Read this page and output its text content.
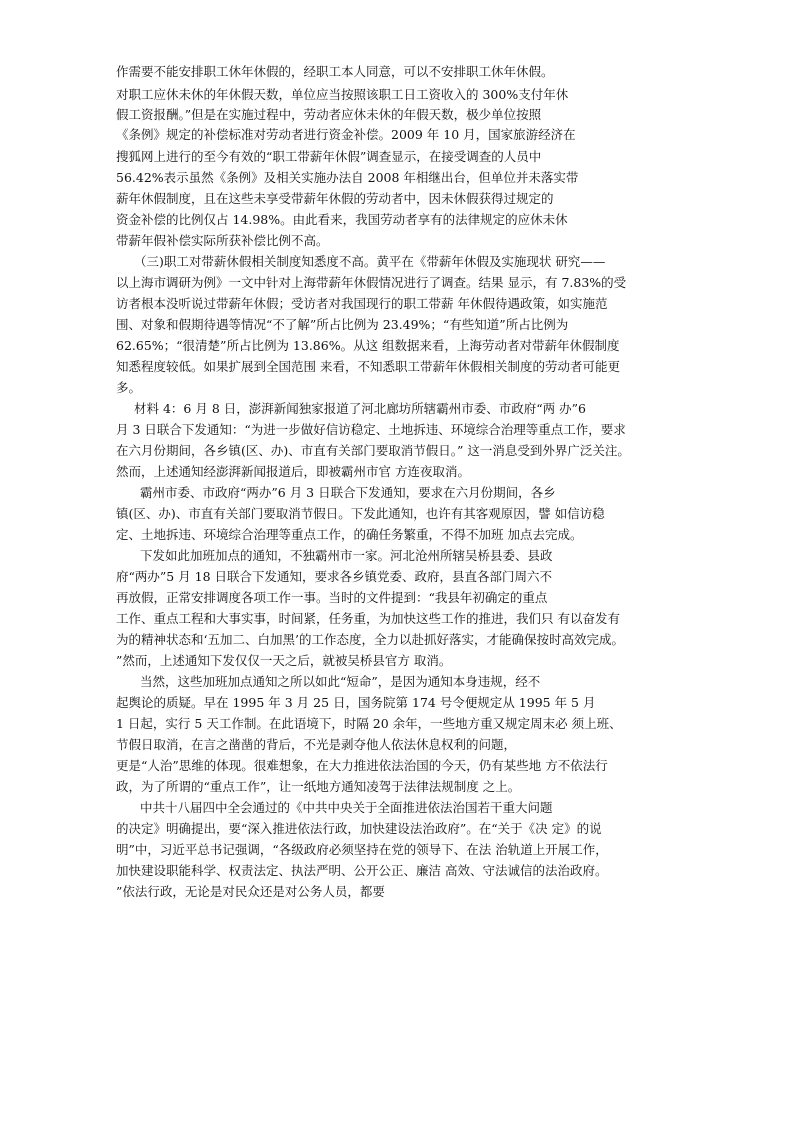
作需要不能安排职工休年休假的，经职工本人同意，可以不安排职工休年休假。

对职工应休未休的年休假天数，单位应当按照该职工日工资收入的 300%支付年休

假工资报酬。”但是在实施过程中，劳动者应休未休的年假天数，极少单位按照

《条例》规定的补偿标准对劳动者进行资金补偿。2009 年 10 月，国家旅游经济在

搜狐网上进行的至今有效的“职工带薪年休假”调查显示，在接受调查的人员中

56.42%表示虽然《条例》及相关实施办法自 2008 年相继出台，但单位并未落实带

薪年休假制度，且在这些未享受带薪年休假的劳动者中，因未休假获得过规定的

资金补偿的比例仅占 14.98%。由此看来，我国劳动者享有的法律规定的应休未休

带薪年假补偿实际所获补偿比例不高。

（三)职工对带薪休假相关制度知悉度不高。黄平在《带薪年休假及实施现状 研究——

以上海市调研为例》一文中针对上海带薪年休假情况进行了调查。结果 显示，有 7.83%的受

访者根本没听说过带薪年休假；受访者对我国现行的职工带薪 年休假待遇政策，如实施范

围、对象和假期待遇等情况“不了解”所占比例为 23.49%；“有些知道”所占比例为

62.65%；“很清楚”所占比例为 13.86%。从这 组数据来看，上海劳动者对带薪年休假制度

知悉程度较低。如果扩展到全国范围 来看，不知悉职工带薪年休假相关制度的劳动者可能更

多。

材料 4：6 月 8 日，澎湃新闻独家报道了河北廊坊所辖霸州市委、市政府“两 办”6

月 3 日联合下发通知：“为进一步做好信访稳定、土地拆违、环境综合治理等重点工作，要求

在六月份期间，各乡镇(区、办)、市直有关部门要取消节假日。” 这一消息受到外界广泛关注。

然而，上述通知经澎湃新闻报道后，即被霸州市官 方连夜取消。

霸州市委、市政府“两办”6 月 3 日联合下发通知，要求在六月份期间，各乡

镇(区、办)、市直有关部门要取消节假日。下发此通知，也许有其客观原因，譬 如信访稳

定、土地拆违、环境综合治理等重点工作，的确任务繁重，不得不加班 加点去完成。

下发如此加班加点的通知，不独霸州市一家。河北沧州所辖吴桥县委、县政

府“两办”5 月 18 日联合下发通知，要求各乡镇党委、政府，县直各部门周六不

再放假，正常安排调度各项工作一事。当时的文件提到：“我县年初确定的重点

工作、重点工程和大事实事，时间紧，任务重，为加快这些工作的推进，我们只 有以奋发有

为的精神状态和‘五加二、白加黑’的工作态度，全力以赴抓好落实，才能确保按时高效完成。

”然而，上述通知下发仅仅一天之后，就被吴桥县官方 取消。

当然，这些加班加点通知之所以如此“短命”，是因为通知本身违规，经不

起舆论的质疑。早在 1995 年 3 月 25 日，国务院第 174 号令便规定从 1995 年 5 月

1 日起，实行 5 天工作制。在此语境下，时隔 20 余年，一些地方重又规定周末必 须上班、

节假日取消，在言之凿凿的背后，不光是剥夺他人依法休息权利的问题，

更是“人治”思维的体现。很难想象，在大力推进依法治国的今天，仍有某些地 方不依法行

政，为了所谓的“重点工作”，让一纸地方通知凌驾于法律法规制度 之上。

中共十八届四中全会通过的《中共中央关于全面推进依法治国若干重大问题

的决定》明确提出，要“深入推进依法行政，加快建设法治政府”。在“关于《决 定》的说

明”中，习近平总书记强调，“各级政府必须坚持在党的领导下、在法 治轨道上开展工作，

加快建设职能科学、权责法定、执法严明、公开公正、廉洁 高效、守法诚信的法治政府。

”依法行政，无论是对民众还是对公务人员，都要
